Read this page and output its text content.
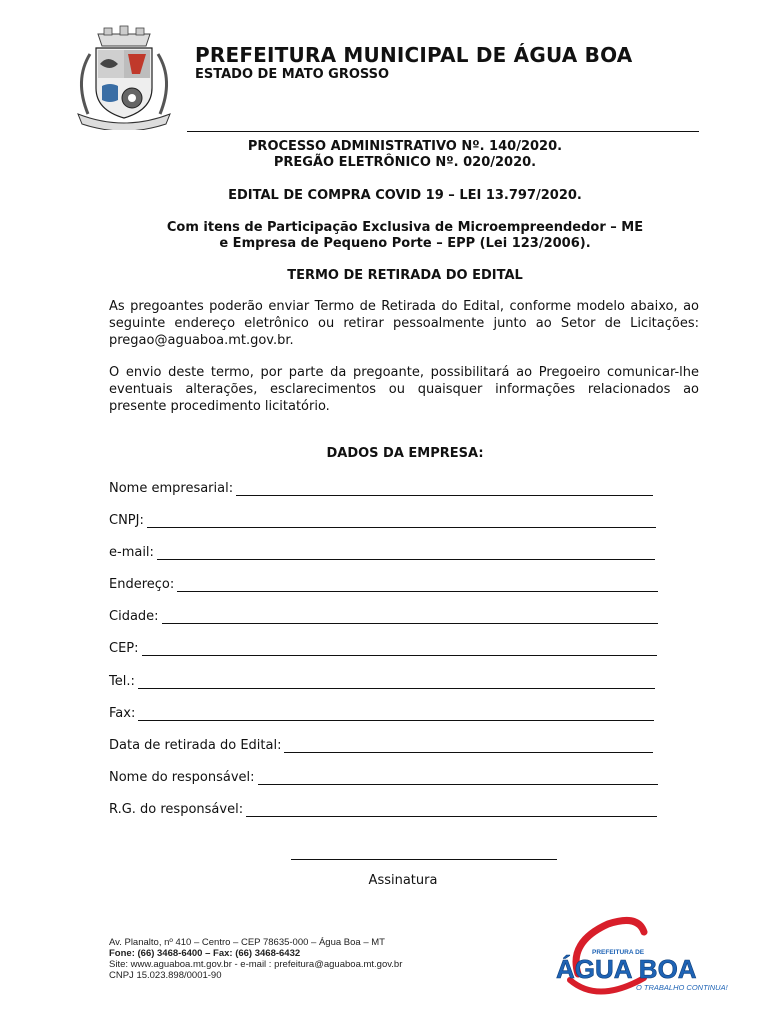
PREFEITURA MUNICIPAL DE ÁGUA BOA
ESTADO DE MATO GROSSO
PROCESSO ADMINISTRATIVO Nº. 140/2020.
PREGÃO ELETRÔNICO Nº. 020/2020.
EDITAL DE COMPRA COVID 19 – LEI 13.797/2020.
Com itens de Participação Exclusiva de Microempreendedor – ME
e Empresa de Pequeno Porte – EPP (Lei 123/2006).
TERMO DE RETIRADA DO EDITAL
As pregoantes poderão enviar Termo de Retirada do Edital, conforme modelo abaixo, ao seguinte endereço eletrônico ou retirar pessoalmente junto ao Setor de Licitações: pregao@aguaboa.mt.gov.br.
O envio deste termo, por parte da pregoante, possibilitará ao Pregoeiro comunicar-lhe eventuais alterações, esclarecimentos ou quaisquer informações relacionados ao presente procedimento licitatório.
DADOS DA EMPRESA:
Nome empresarial:
CNPJ:
e-mail:
Endereço:
Cidade:
CEP:
Tel.:
Fax:
Data de retirada do Edital:
Nome do responsável:
R.G. do responsável:
Assinatura
Av. Planalto, nº 410 – Centro – CEP 78635-000 – Água Boa – MT
Fone: (66) 3468-6400 – Fax: (66) 3468-6432
Site: www.aguaboa.mt.gov.br - e-mail : prefeitura@aguaboa.mt.gov.br
CNPJ 15.023.898/0001-90
PREFEITURA DE
ÁGUA BOA
O TRABALHO CONTINUA!
